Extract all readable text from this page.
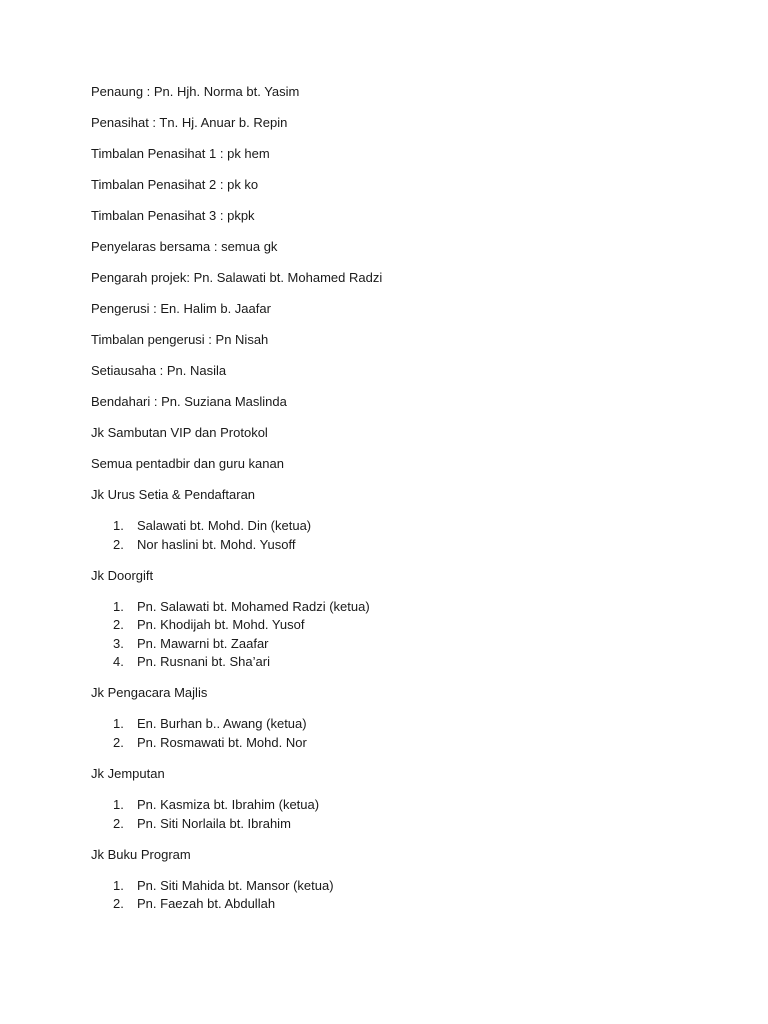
Penaung : Pn. Hjh. Norma bt. Yasim

Penasihat : Tn. Hj. Anuar b. Repin

Timbalan Penasihat 1 : pk hem

Timbalan Penasihat 2 : pk ko

Timbalan Penasihat 3 : pkpk

Penyelaras bersama : semua gk

Pengarah projek: Pn. Salawati bt. Mohamed Radzi

Pengerusi : En. Halim b. Jaafar

Timbalan pengerusi : Pn Nisah

Setiausaha : Pn. Nasila

Bendahari : Pn. Suziana Maslinda

Jk Sambutan VIP dan Protokol

Semua pentadbir dan guru kanan

Jk Urus Setia & Pendaftaran

1.	Salawati bt. Mohd. Din (ketua)
2.	Nor haslini bt. Mohd. Yusoff

Jk Doorgift

1.	Pn. Salawati bt. Mohamed Radzi (ketua)
2.	Pn. Khodijah bt. Mohd. Yusof
3.	Pn. Mawarni bt. Zaafar
4.	Pn. Rusnani bt. Sha’ari

Jk Pengacara Majlis

1.	En. Burhan b.. Awang (ketua)
2.	Pn. Rosmawati bt. Mohd. Nor

Jk Jemputan

1.	Pn. Kasmiza bt. Ibrahim (ketua)
2.	Pn. Siti Norlaila bt. Ibrahim

Jk Buku Program

1.	Pn. Siti Mahida bt. Mansor (ketua)
2.	Pn. Faezah bt. Abdullah
